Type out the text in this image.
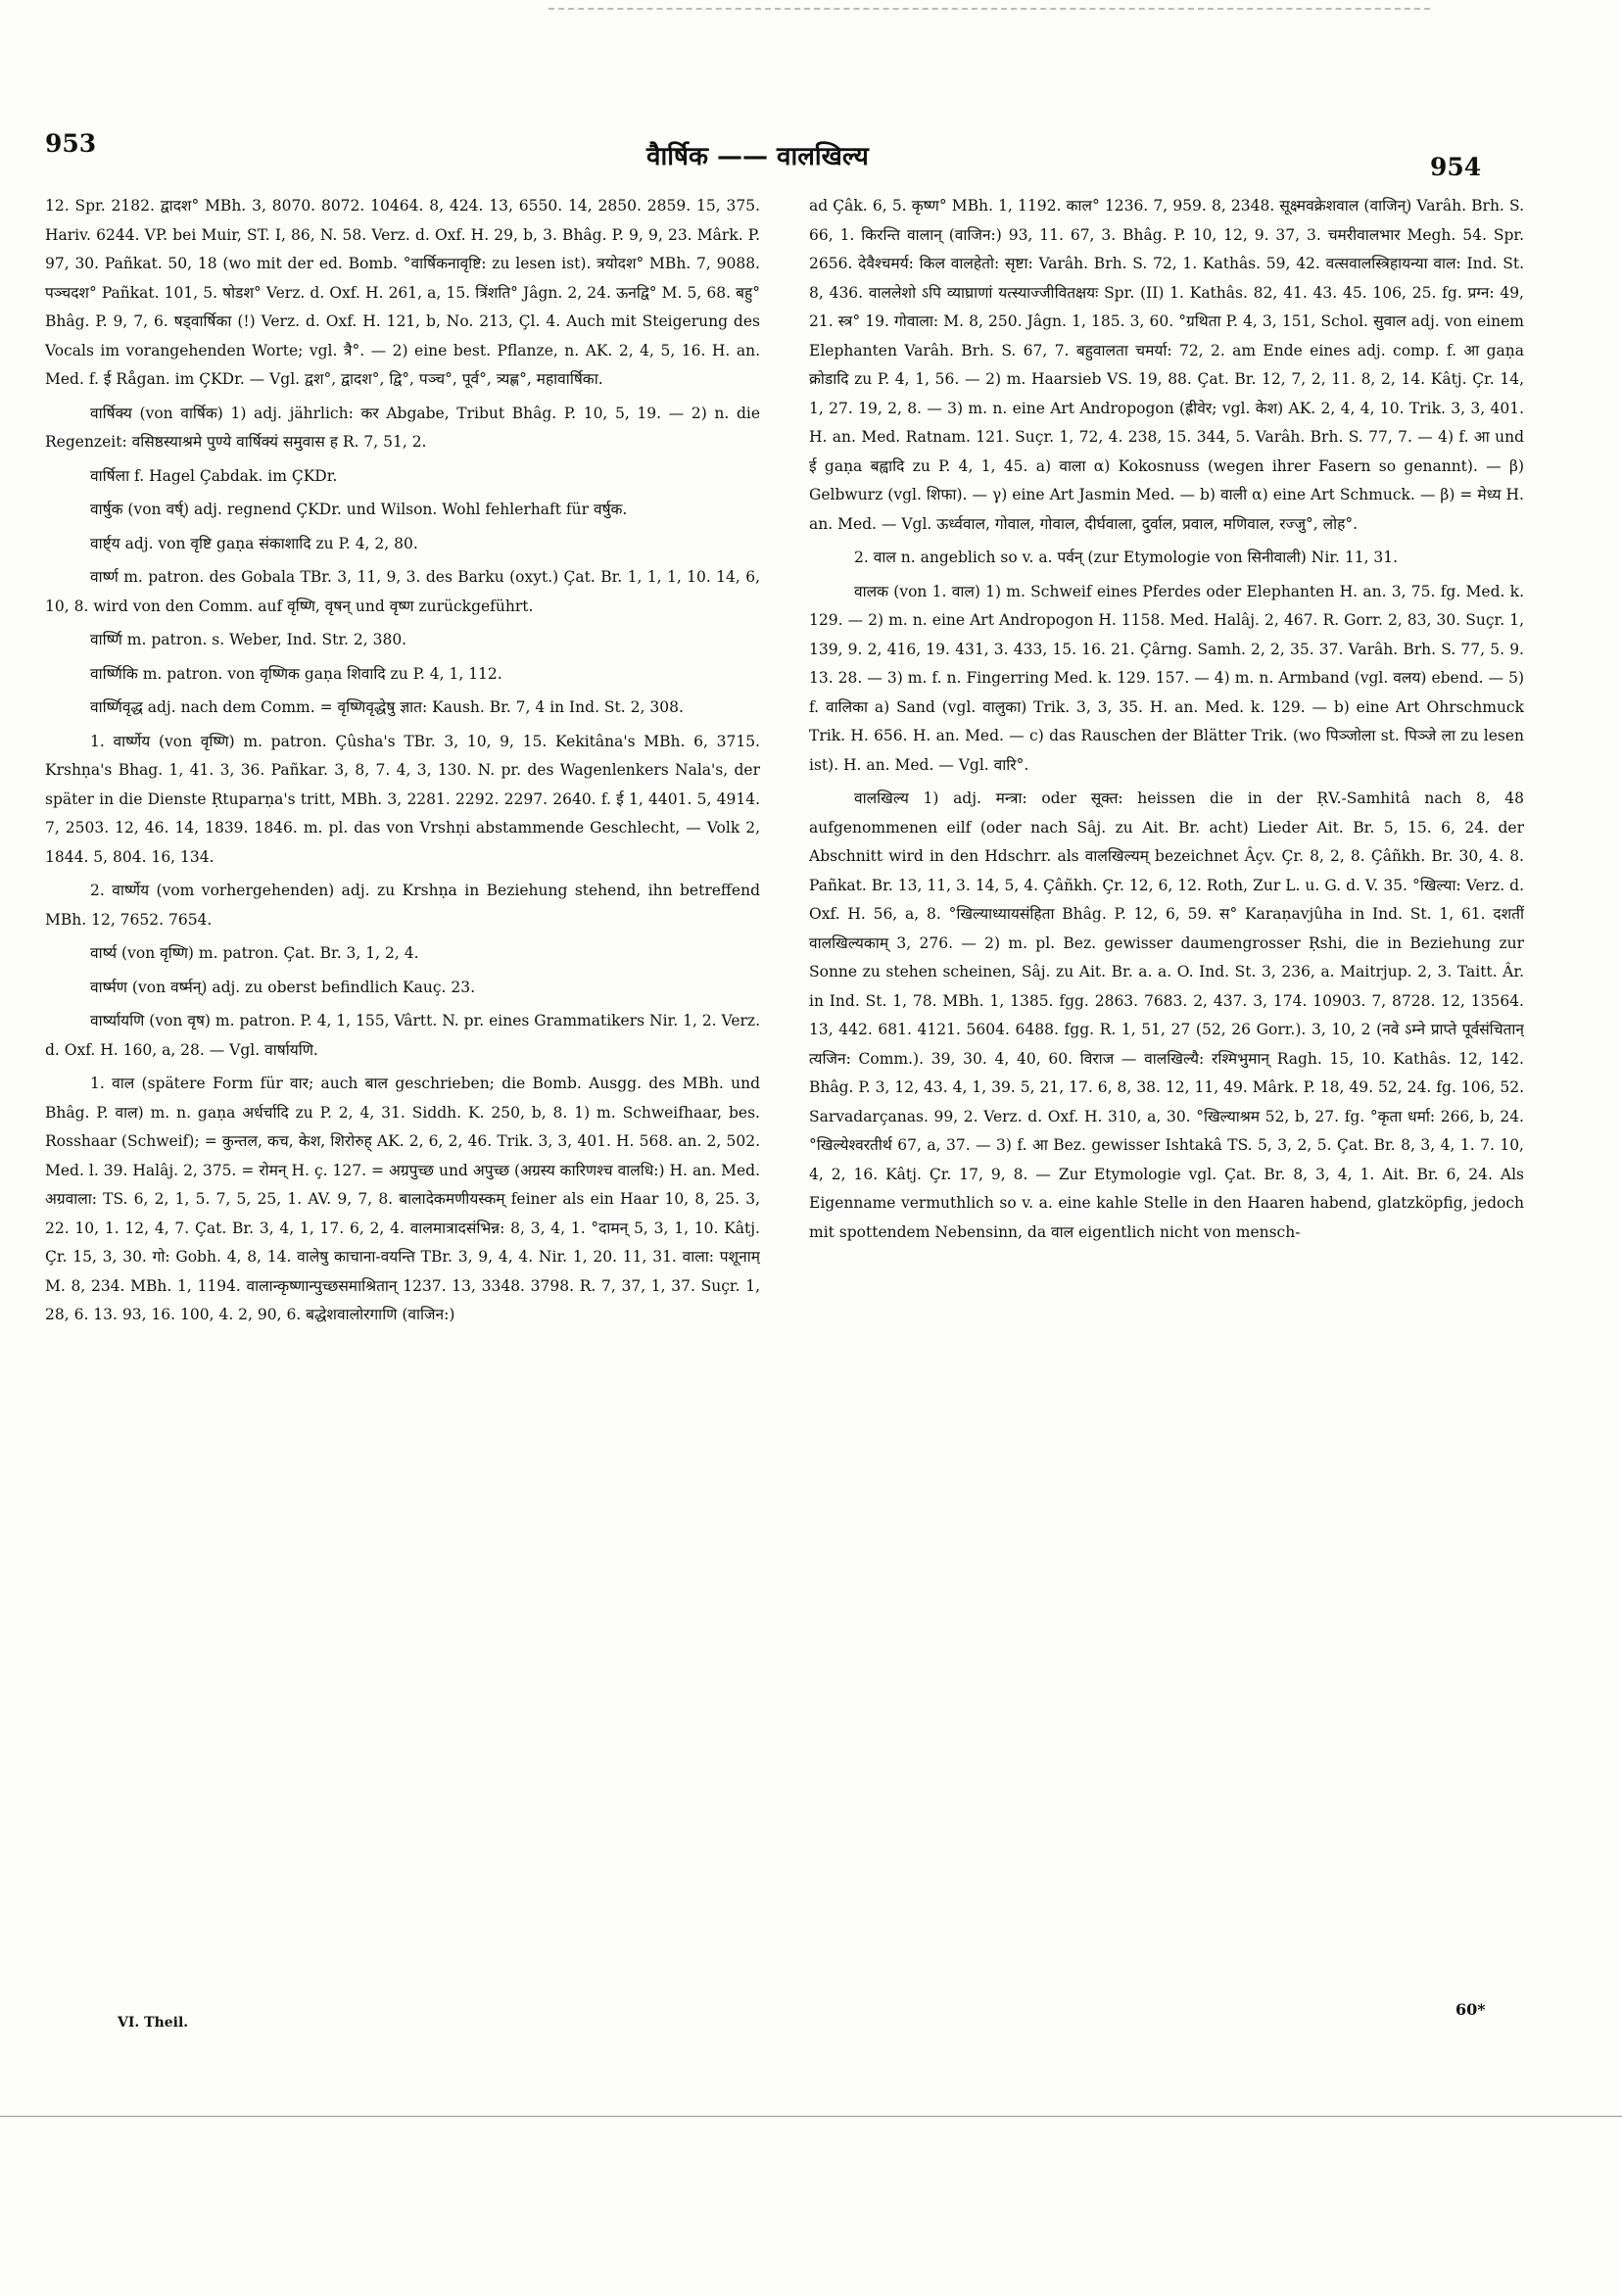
953	वैार्षिक —— वालखिल्य	954

12. Spr. 2182. द्वादश° MBh. 3, 8070. 8072. 10464. 8, 424. 13, 6550. 14, 2850. 2859. 15, 375. Hariv. 6244. VP. bei Muir, ST. I, 86, N. 58. Verz. d. Oxf. H. 29, b, 3. Bhâg. P. 9, 9, 23. Mârk. P. 97, 30. Pañkat. 50, 18 (wo mit der ed. Bomb. °वार्षिकनावृष्टि: zu lesen ist). त्रयोदश° MBh. 7, 9088. पञ्चदश° Pañkat. 101, 5. षोडश° Verz. d. Oxf. H. 261, a, 15. त्रिंशति° Jâgn. 2, 24. ऊनद्वि° M. 5, 68. बहु° Bhâg. P. 9, 7, 6. षड्वार्षिका (!) Verz. d. Oxf. H. 121, b, No. 213, Çl. 4. Auch mit Steigerung des Vocals im vorangehenden Worte; vgl. त्रै°. — 2) eine best. Pflanze, n. AK. 2, 4, 5, 16. H. an. Med. f. ई Rågan. im ÇKDr. — Vgl. द्वश°, द्वादश°, द्वि°, पञ्च°, पूर्व°, त्र्यह्ण°, महावार्षिका.

वार्षिक्य (von वार्षिक) 1) adj. jährlich: कर Abgabe, Tribut Bhâg. P. 10, 5, 19. — 2) n. die Regenzeit: वसिष्ठस्याश्रमे पुण्ये वार्षिक्यं समुवास ह R. 7, 51, 2.

वार्षिला f. Hagel Çabdak. im ÇKDr.

वार्षुक (von वर्ष्) adj. regnend ÇKDr. und Wilson. Wohl fehlerhaft für वर्षुक.

वार्ष्ट्य adj. von वृष्टि gaṇa संकाशादि zu P. 4, 2, 80.

वार्ष्ण m. patron. des Gobala TBr. 3, 11, 9, 3. des Barku (oxyt.) Çat. Br. 1, 1, 1, 10. 14, 6, 10, 8. wird von den Comm. auf वृष्णि, वृषन् und वृष्ण zurückgeführt.

वार्ष्णि m. patron. s. Weber, Ind. Str. 2, 380.

वार्ष्णिकि m. patron. von वृष्णिक gaṇa शिवादि zu P. 4, 1, 112.

वार्ष्णिवृद्ध adj. nach dem Comm. = वृष्णिवृद्धेषु ज्ञात: Kaush. Br. 7, 4 in Ind. St. 2, 308.

1. वार्ष्णेय (von वृष्णि) m. patron. Çûsha's TBr. 3, 10, 9, 15. Kekitâna's MBh. 6, 3715. Krshṇa's Bhag. 1, 41. 3, 36. Pañkar. 3, 8, 7. 4, 3, 130. N. pr. des Wagenlenkers Nala's, der später in die Dienste Ṛtuparṇa's tritt, MBh. 3, 2281. 2292. 2297. 2640. f. ई 1, 4401. 5, 4914. 7, 2503. 12, 46. 14, 1839. 1846. m. pl. das von Vrshṇi abstammende Geschlecht, — Volk 2, 1844. 5, 804. 16, 134.

2. वार्ष्णेय (vom vorhergehenden) adj. zu Krshṇa in Beziehung stehend, ihn betreffend MBh. 12, 7652. 7654.

वार्ष्य (von वृष्णि) m. patron. Çat. Br. 3, 1, 2, 4.

वार्ष्मण (von वर्ष्मन्) adj. zu oberst befindlich Kauç. 23.

वार्ष्यायणि (von वृष) m. patron. P. 4, 1, 155, Vârtt. N. pr. eines Grammatikers Nir. 1, 2. Verz. d. Oxf. H. 160, a, 28. — Vgl. वार्षायणि.

1. वाल (spätere Form für वार; auch बाल geschrieben; die Bomb. Ausgg. des MBh. und Bhâg. P. वाल) m. n. gaṇa अर्धर्चादि zu P. 2, 4, 31. Siddh. K. 250, b, 8. 1) m. Schweifhaar, bes. Rosshaar (Schweif); = कुन्तल, कच, केश, शिरोरुह् AK. 2, 6, 2, 46. Trik. 3, 3, 401. H. 568. an. 2, 502. Med. l. 39. Halâj. 2, 375. = रोमन् H. ç. 127. = अग्रपुच्छ und अपुच्छ (अग्रस्य कारिणश्च वालधि:) H. an. Med. अग्रवाला: TS. 6, 2, 1, 5. 7, 5, 25, 1. AV. 9, 7, 8. बालादेकमणीयस्कम् feiner als ein Haar 10, 8, 25. 3, 22. 10, 1. 12, 4, 7. Çat. Br. 3, 4, 1, 17. 6, 2, 4. वालमात्रादसंभिन्न: 8, 3, 4, 1. °दामन् 5, 3, 1, 10. Kâtj. Çr. 15, 3, 30. गो: Gobh. 4, 8, 14. वालेषु काचाना-वयन्ति TBr. 3, 9, 4, 4. Nir. 1, 20. 11, 31. वाला: पशूनाम् M. 8, 234. MBh. 1, 1194. वालान्कृष्णान्पुच्छसमाश्रितान् 1237. 13, 3348. 3798. R. 7, 37, 1, 37. Suçr. 1, 28, 6. 13. 93, 16. 100, 4. 2, 90, 6. बद्धेशवालोरगाणि (वाजिन:)

ad Çâk. 6, 5. कृष्ण° MBh. 1, 1192. काल° 1236. 7, 959. 8, 2348. सूक्ष्मवक्रेशवाल (वाजिन्) Varâh. Brh. S. 66, 1. किरन्ति वालान् (वाजिन:) 93, 11. 67, 3. Bhâg. P. 10, 12, 9. 37, 3. चमरीवालभार Megh. 54. Spr. 2656. देवैश्चमर्य: किल वालहेतो: सृष्टा: Varâh. Brh. S. 72, 1. Kathâs. 59, 42. वत्सवालस्त्रिहायन्या वाल: Ind. St. 8, 436. वाललेशो ऽपि व्याघ्राणां यत्स्याज्जीवितक्षयः Spr. (II) 1. Kathâs. 82, 41. 43. 45. 106, 25. fg. प्रग्न: 49, 21. स्त्र° 19. गोवाला: M. 8, 250. Jâgn. 1, 185. 3, 60. °ग्रथिता P. 4, 3, 151, Schol. सुवाल adj. von einem Elephanten Varâh. Brh. S. 67, 7. बहुवालता चमर्या: 72, 2. am Ende eines adj. comp. f. आ gaṇa क्रोडादि zu P. 4, 1, 56. — 2) m. Haarsieb VS. 19, 88. Çat. Br. 12, 7, 2, 11. 8, 2, 14. Kâtj. Çr. 14, 1, 27. 19, 2, 8. — 3) m. n. eine Art Andropogon (ह्रीवेर; vgl. केश) AK. 2, 4, 4, 10. Trik. 3, 3, 401. H. an. Med. Ratnam. 121. Suçr. 1, 72, 4. 238, 15. 344, 5. Varâh. Brh. S. 77, 7. — 4) f. आ und ई gaṇa बह्वादि zu P. 4, 1, 45. a) वाला α) Kokosnuss (wegen ihrer Fasern so genannt). — β) Gelbwurz (vgl. शिफा). — γ) eine Art Jasmin Med. — b) वाली α) eine Art Schmuck. — β) = मेध्य H. an. Med. — Vgl. ऊर्ध्ववाल, गोवाल, गोवाल, दीर्घवाला, दुर्वाल, प्रवाल, मणिवाल, रज्जु°, लोह°.

2. वाल n. angeblich so v. a. पर्वन् (zur Etymologie von सिनीवाली) Nir. 11, 31.

वालक (von 1. वाल) 1) m. Schweif eines Pferdes oder Elephanten H. an. 3, 75. fg. Med. k. 129. — 2) m. n. eine Art Andropogon H. 1158. Med. Halâj. 2, 467. R. Gorr. 2, 83, 30. Suçr. 1, 139, 9. 2, 416, 19. 431, 3. 433, 15. 16. 21. Çârng. Samh. 2, 2, 35. 37. Varâh. Brh. S. 77, 5. 9. 13. 28. — 3) m. f. n. Fingerring Med. k. 129. 157. — 4) m. n. Armband (vgl. वलय) ebend. — 5) f. वालिका a) Sand (vgl. वालुका) Trik. 3, 3, 35. H. an. Med. k. 129. — b) eine Art Ohrschmuck Trik. H. 656. H. an. Med. — c) das Rauschen der Blätter Trik. (wo पिञ्जोला st. पिञ्जे ला zu lesen ist). H. an. Med. — Vgl. वारि°.

वालखिल्य 1) adj. मन्त्रा: oder सूक्त: heissen die in der ṚV.-Samhitâ nach 8, 48 aufgenommenen eilf (oder nach Sâj. zu Ait. Br. acht) Lieder Ait. Br. 5, 15. 6, 24. der Abschnitt wird in den Hdschrr. als वालखिल्यम् bezeichnet Âçv. Çr. 8, 2, 8. Çâñkh. Br. 30, 4. 8. Pañkat. Br. 13, 11, 3. 14, 5, 4. Çâñkh. Çr. 12, 6, 12. Roth, Zur L. u. G. d. V. 35. °खिल्या: Verz. d. Oxf. H. 56, a, 8. °खिल्याध्यायसंहिता Bhâg. P. 12, 6, 59. स° Karaṇavjûha in Ind. St. 1, 61. दशतीं वालखिल्यकाम् 3, 276. — 2) m. pl. Bez. gewisser daumengrosser Ṛshi, die in Beziehung zur Sonne zu stehen scheinen, Sâj. zu Ait. Br. a. a. O. Ind. St. 3, 236, a. Maitrjup. 2, 3. Taitt. Âr. in Ind. St. 1, 78. MBh. 1, 1385. fgg. 2863. 7683. 2, 437. 3, 174. 10903. 7, 8728. 12, 13564. 13, 442. 681. 4121. 5604. 6488. fgg. R. 1, 51, 27 (52, 26 Gorr.). 3, 10, 2 (नवे ऽम्ने प्राप्ते पूर्वसंचितान् त्यजिन: Comm.). 39, 30. 4, 40, 60. विराज — वालखिल्यै: रश्मिभुमान् Ragh. 15, 10. Kathâs. 12, 142. Bhâg. P. 3, 12, 43. 4, 1, 39. 5, 21, 17. 6, 8, 38. 12, 11, 49. Mârk. P. 18, 49. 52, 24. fg. 106, 52. Sarvadarçanas. 99, 2. Verz. d. Oxf. H. 310, a, 30. °खिल्याश्रम 52, b, 27. fg. °कृता धर्मा: 266, b, 24. °खिल्येश्वरतीर्थ 67, a, 37. — 3) f. आ Bez. gewisser Ishtakâ TS. 5, 3, 2, 5. Çat. Br. 8, 3, 4, 1. 7. 10, 4, 2, 16. Kâtj. Çr. 17, 9, 8. — Zur Etymologie vgl. Çat. Br. 8, 3, 4, 1. Ait. Br. 6, 24. Als Eigenname vermuthlich so v. a. eine kahle Stelle in den Haaren habend, glatzköpfig, jedoch mit spottendem Nebensinn, da वाल eigentlich nicht von mensch-

VI. Theil.
60*
